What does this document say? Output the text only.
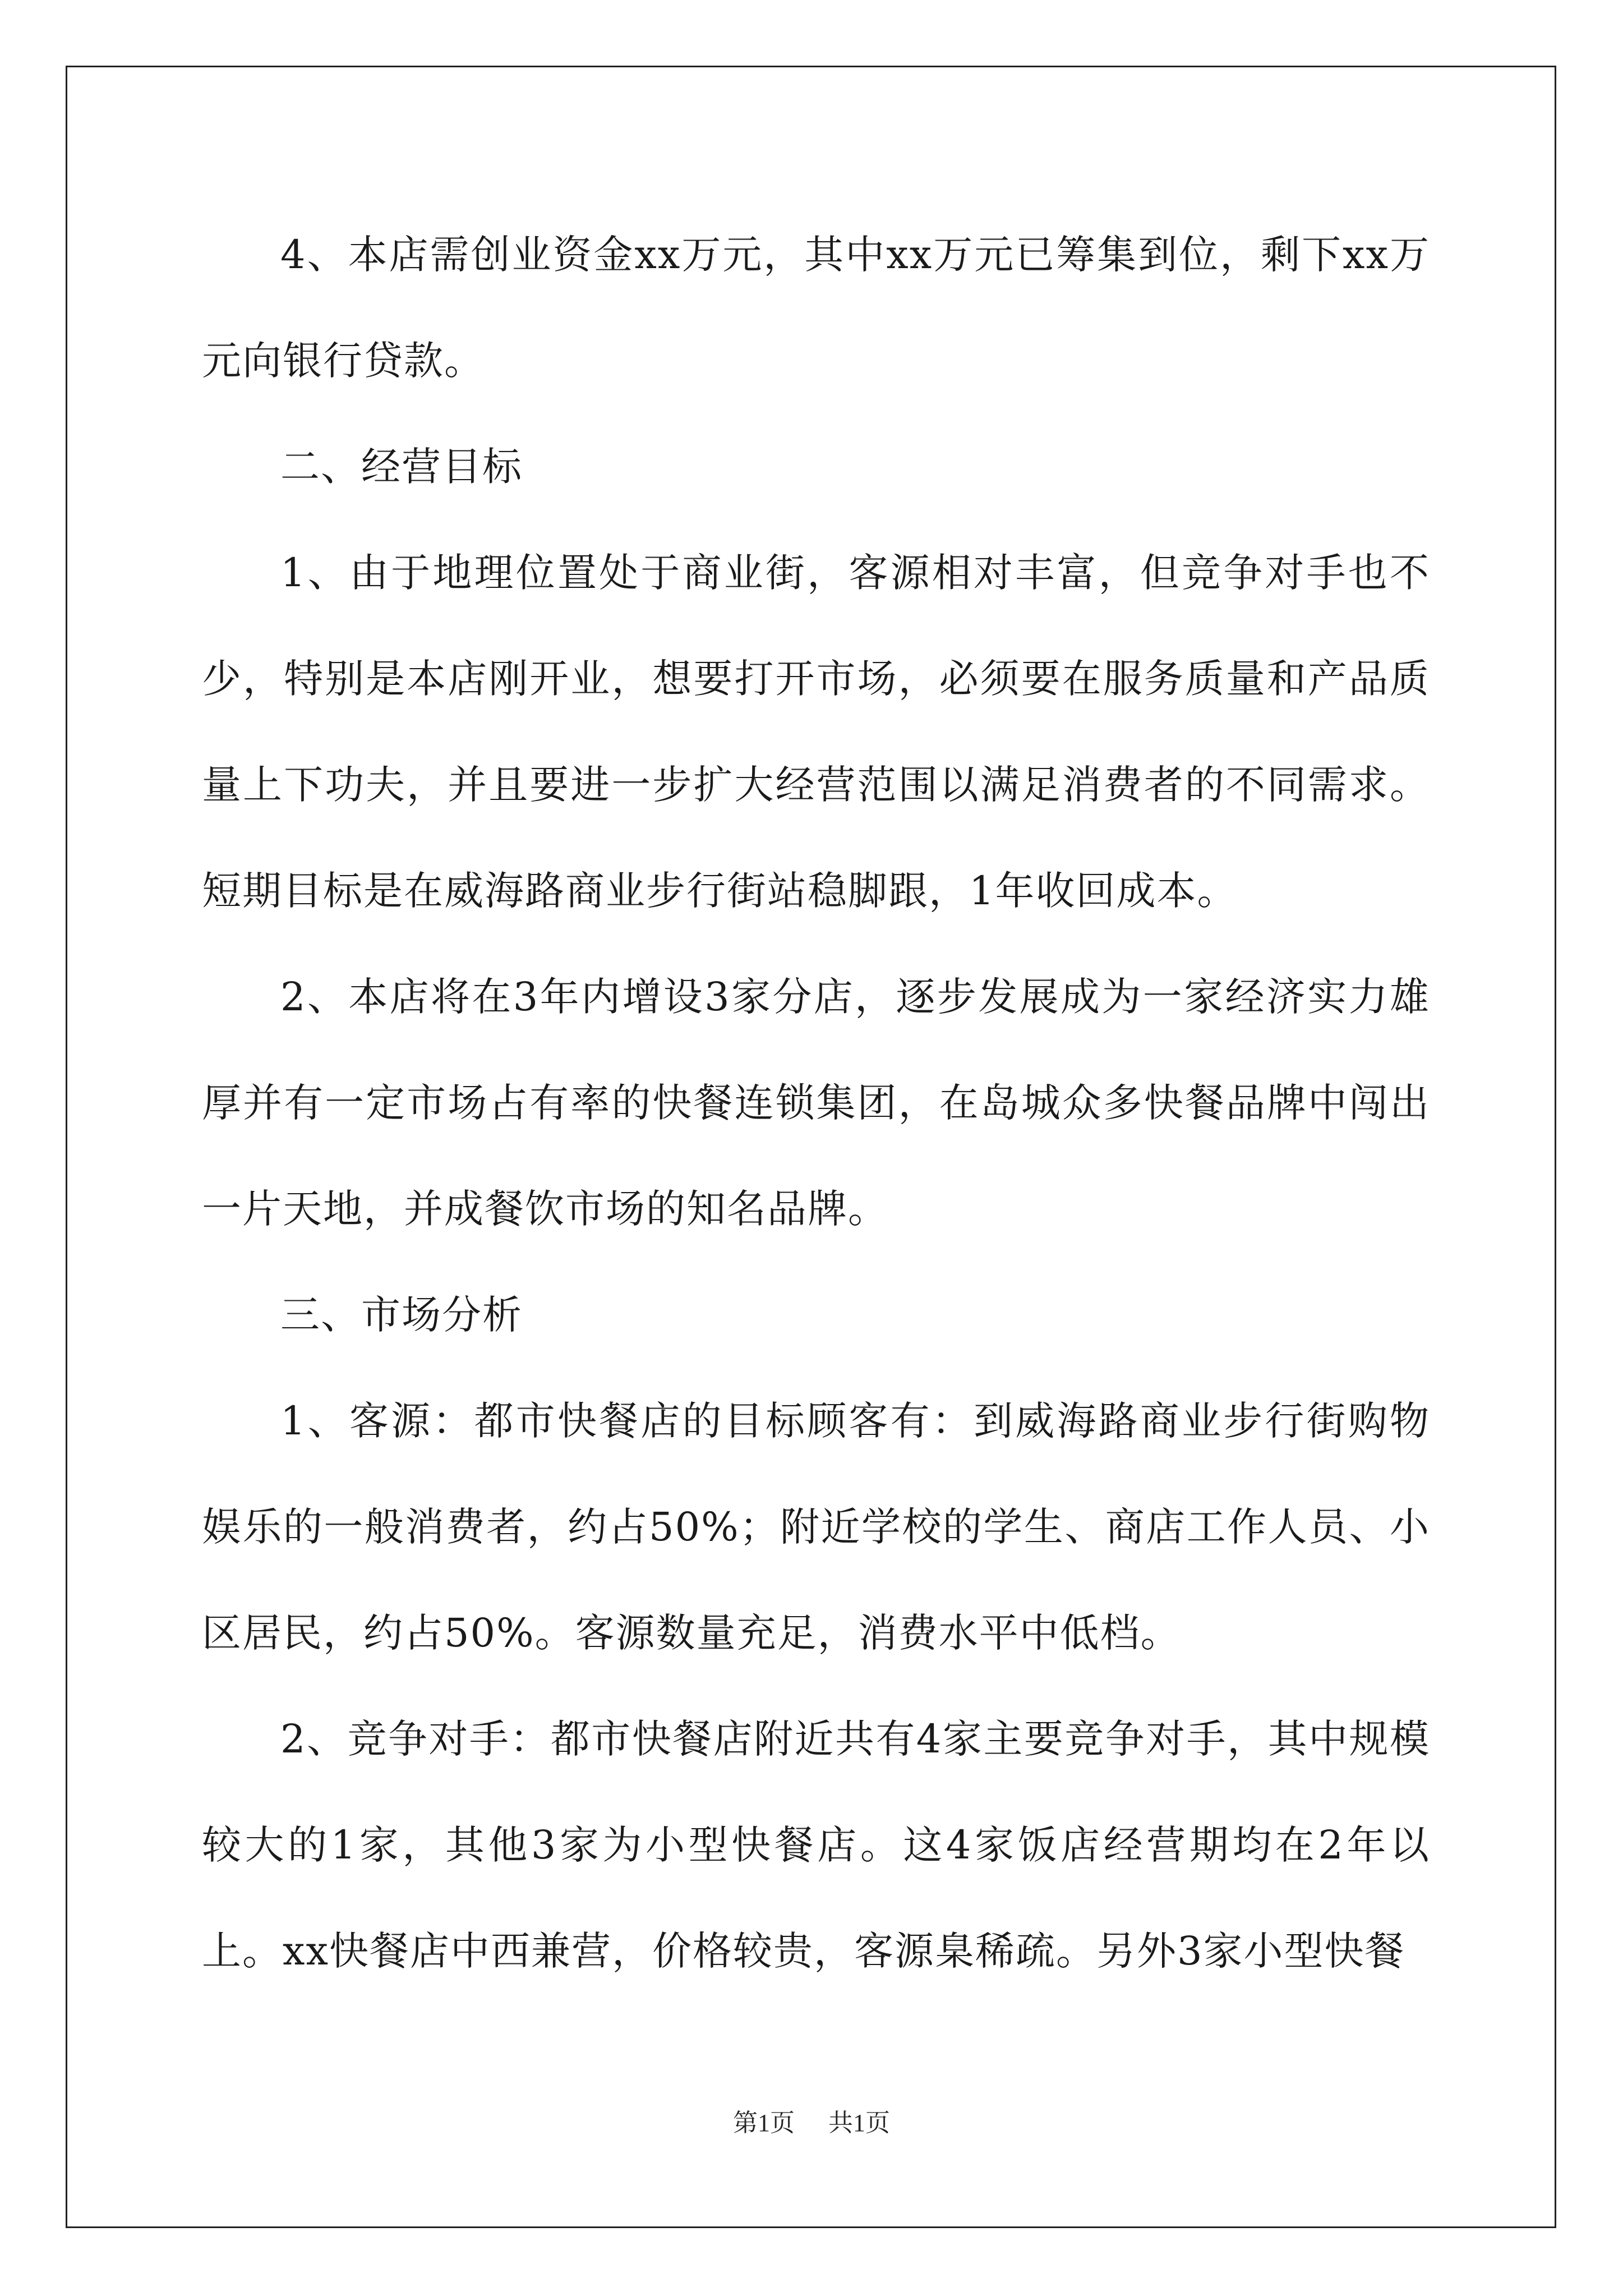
4、本店需创业资金xx万元，其中xx万元已筹集到位，剩下xx万元向银行贷款。

二、经营目标

1、由于地理位置处于商业街，客源相对丰富，但竞争对手也不少，特别是本店刚开业，想要打开市场，必须要在服务质量和产品质量上下功夫，并且要进一步扩大经营范围以满足消费者的不同需求。短期目标是在威海路商业步行街站稳脚跟，1年收回成本。

2、本店将在3年内增设3家分店，逐步发展成为一家经济实力雄厚并有一定市场占有率的快餐连锁集团，在岛城众多快餐品牌中闯出一片天地，并成餐饮市场的知名品牌。

三、市场分析

1、客源：都市快餐店的目标顾客有：到威海路商业步行街购物娱乐的一般消费者，约占50%；附近学校的学生、商店工作人员、小区居民，约占50%。客源数量充足，消费水平中低档。

2、竞争对手：都市快餐店附近共有4家主要竞争对手，其中规模较大的1家，其他3家为小型快餐店。这4家饭店经营期均在2年以上。xx快餐店中西兼营，价格较贵，客源臬稀疏。另外3家小型快餐

第1页 共1页
